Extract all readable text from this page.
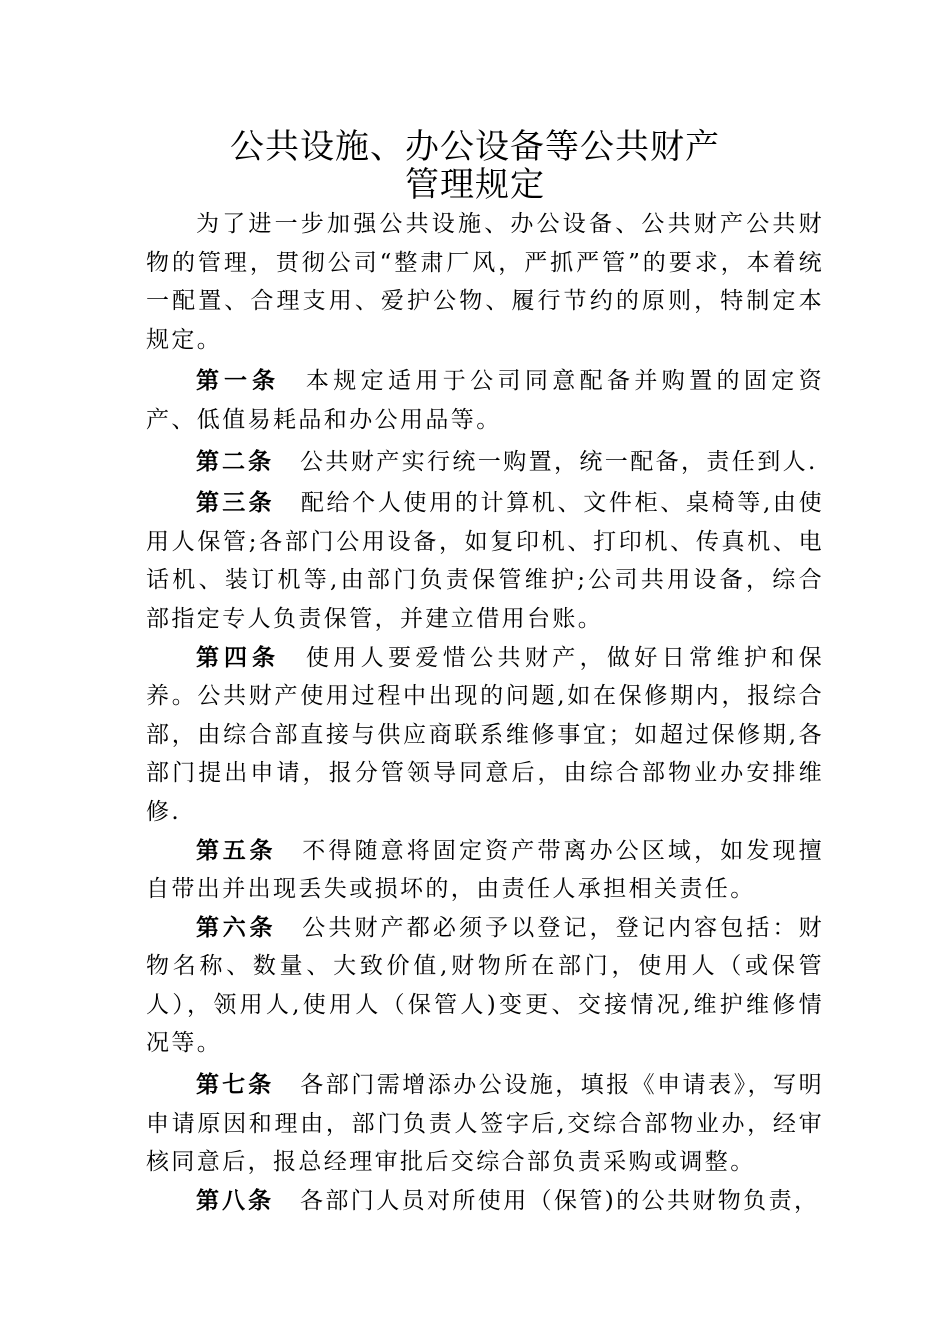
公共设施、办公设备等公共财产
管理规定

为了进一步加强公共设施、办公设备、公共财产公共财物的管理，贯彻公司“整肃厂风，严抓严管”的要求，本着统一配置、合理支用、爱护公物、履行节约的原则，特制定本规定。

第一条 本规定适用于公司同意配备并购置的固定资产、低值易耗品和办公用品等。

第二条 公共财产实行统一购置，统一配备，责任到人.

第三条 配给个人使用的计算机、文件柜、桌椅等,由使用人保管;各部门公用设备，如复印机、打印机、传真机、电话机、装订机等,由部门负责保管维护;公司共用设备，综合部指定专人负责保管，并建立借用台账。

第四条 使用人要爱惜公共财产，做好日常维护和保养。公共财产使用过程中出现的问题,如在保修期内，报综合部，由综合部直接与供应商联系维修事宜；如超过保修期,各部门提出申请，报分管领导同意后，由综合部物业办安排维修.

第五条 不得随意将固定资产带离办公区域，如发现擅自带出并出现丢失或损坏的，由责任人承担相关责任。

第六条 公共财产都必须予以登记，登记内容包括：财物名称、数量、大致价值,财物所在部门，使用人（或保管人），领用人,使用人（保管人)变更、交接情况,维护维修情况等。

第七条 各部门需增添办公设施，填报《申请表》，写明申请原因和理由，部门负责人签字后,交综合部物业办，经审核同意后，报总经理审批后交综合部负责采购或调整。

第八条 各部门人员对所使用（保管)的公共财物负责，
